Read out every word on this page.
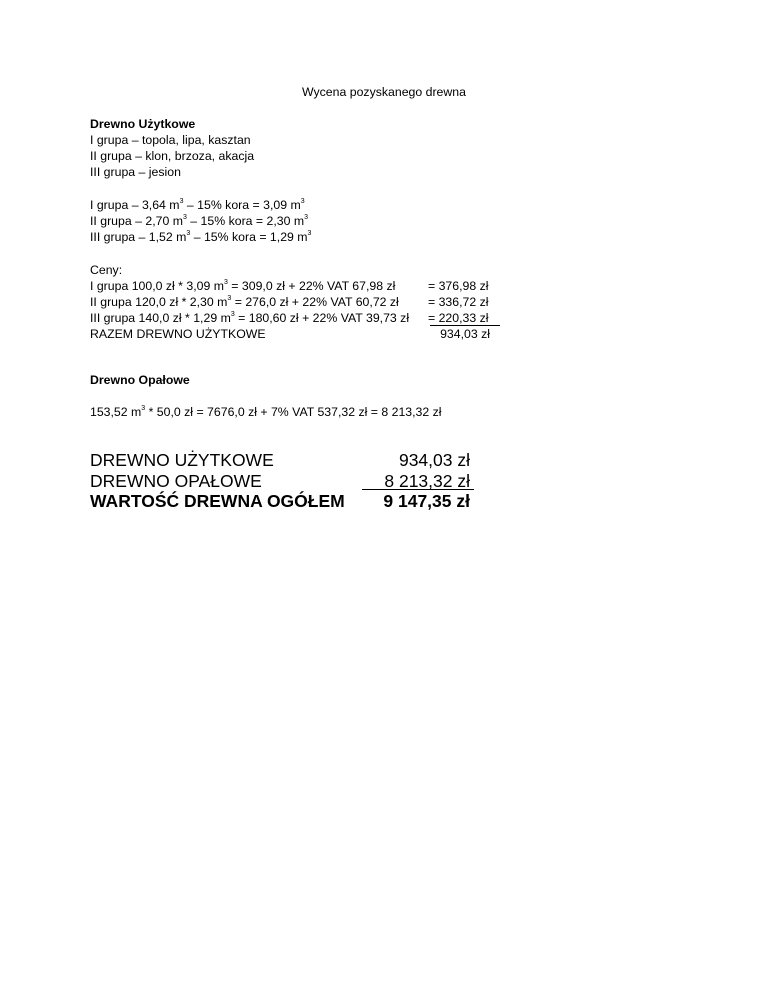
Wycena pozyskanego drewna
Drewno Użytkowe
I grupa – topola, lipa, kasztan
II grupa – klon, brzoza, akacja
III grupa – jesion
I grupa – 3,64 $m^3 - 15\%$ kora = 3,09 $m^3$
II grupa – 2,70 $m^3 - 15\%$ kora = 2,30 $m^3$
III grupa – 1,52 $m^3 - 15\%$ kora = 1,29 $m^3$
Ceny:
I grupa 100,0 zł * 3,09 $m^3 = 309,0$ zł + 22% VAT 67,98 zł	= 376,98 zł
II grupa 120,0 zł * 2,30 $m^3 = 276,0$ zł + 22% VAT 60,72 zł = 336,72 zł
III grupa 140,0 zł * 1,29 $m^3 = 180,60$ zł + 22% VAT 39,73 zł = 220,33 zł
RAZEM DREWNO UŻYTKOWE	934,03 zł
Drewno Opałowe
153,52 $m^3 * 50,0$ zł = 7676,0 zł + 7% VAT 537,32 zł = 8 213,32 zł
DREWNO UŻYTKOWE	934,03 zł
DREWNO OPAŁOWE	8 213,32 zł
WARTOŚĆ DREWNA OGÓŁEM	9 147,35 zł
